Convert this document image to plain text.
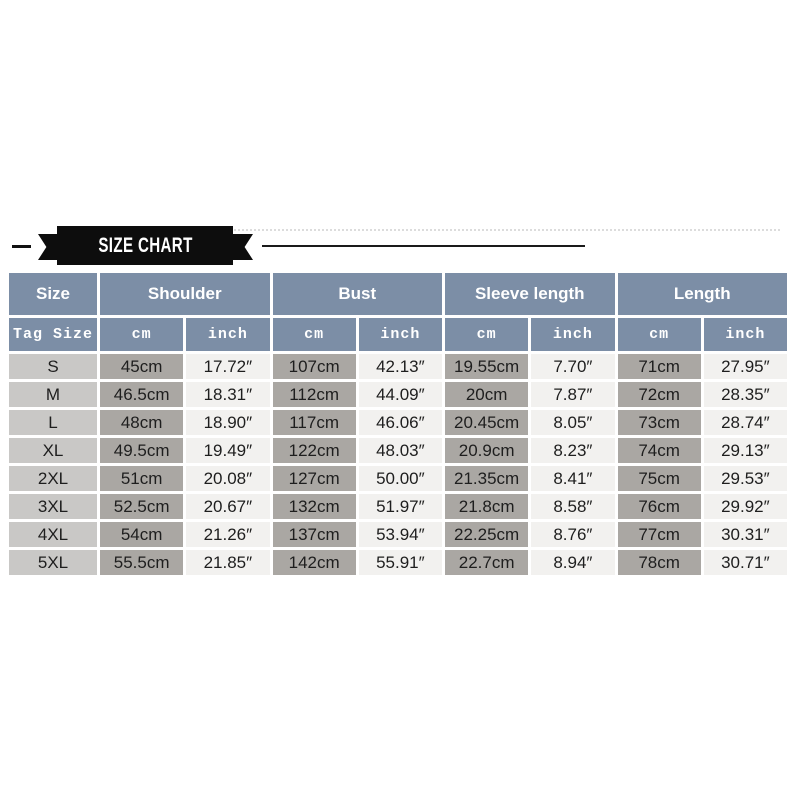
SIZE CHART
Size	Shoulder		Bust		Sleeve length		Length	
Tag Size	cm	inch	cm	inch	cm	inch	cm	inch
S	45cm	17.72″	107cm	42.13″	19.55cm	7.70″	71cm	27.95″
M	46.5cm	18.31″	112cm	44.09″	20cm	7.87″	72cm	28.35″
L	48cm	18.90″	117cm	46.06″	20.45cm	8.05″	73cm	28.74″
XL	49.5cm	19.49″	122cm	48.03″	20.9cm	8.23″	74cm	29.13″
2XL	51cm	20.08″	127cm	50.00″	21.35cm	8.41″	75cm	29.53″
3XL	52.5cm	20.67″	132cm	51.97″	21.8cm	8.58″	76cm	29.92″
4XL	54cm	21.26″	137cm	53.94″	22.25cm	8.76″	77cm	30.31″
5XL	55.5cm	21.85″	142cm	55.91″	22.7cm	8.94″	78cm	30.71″
